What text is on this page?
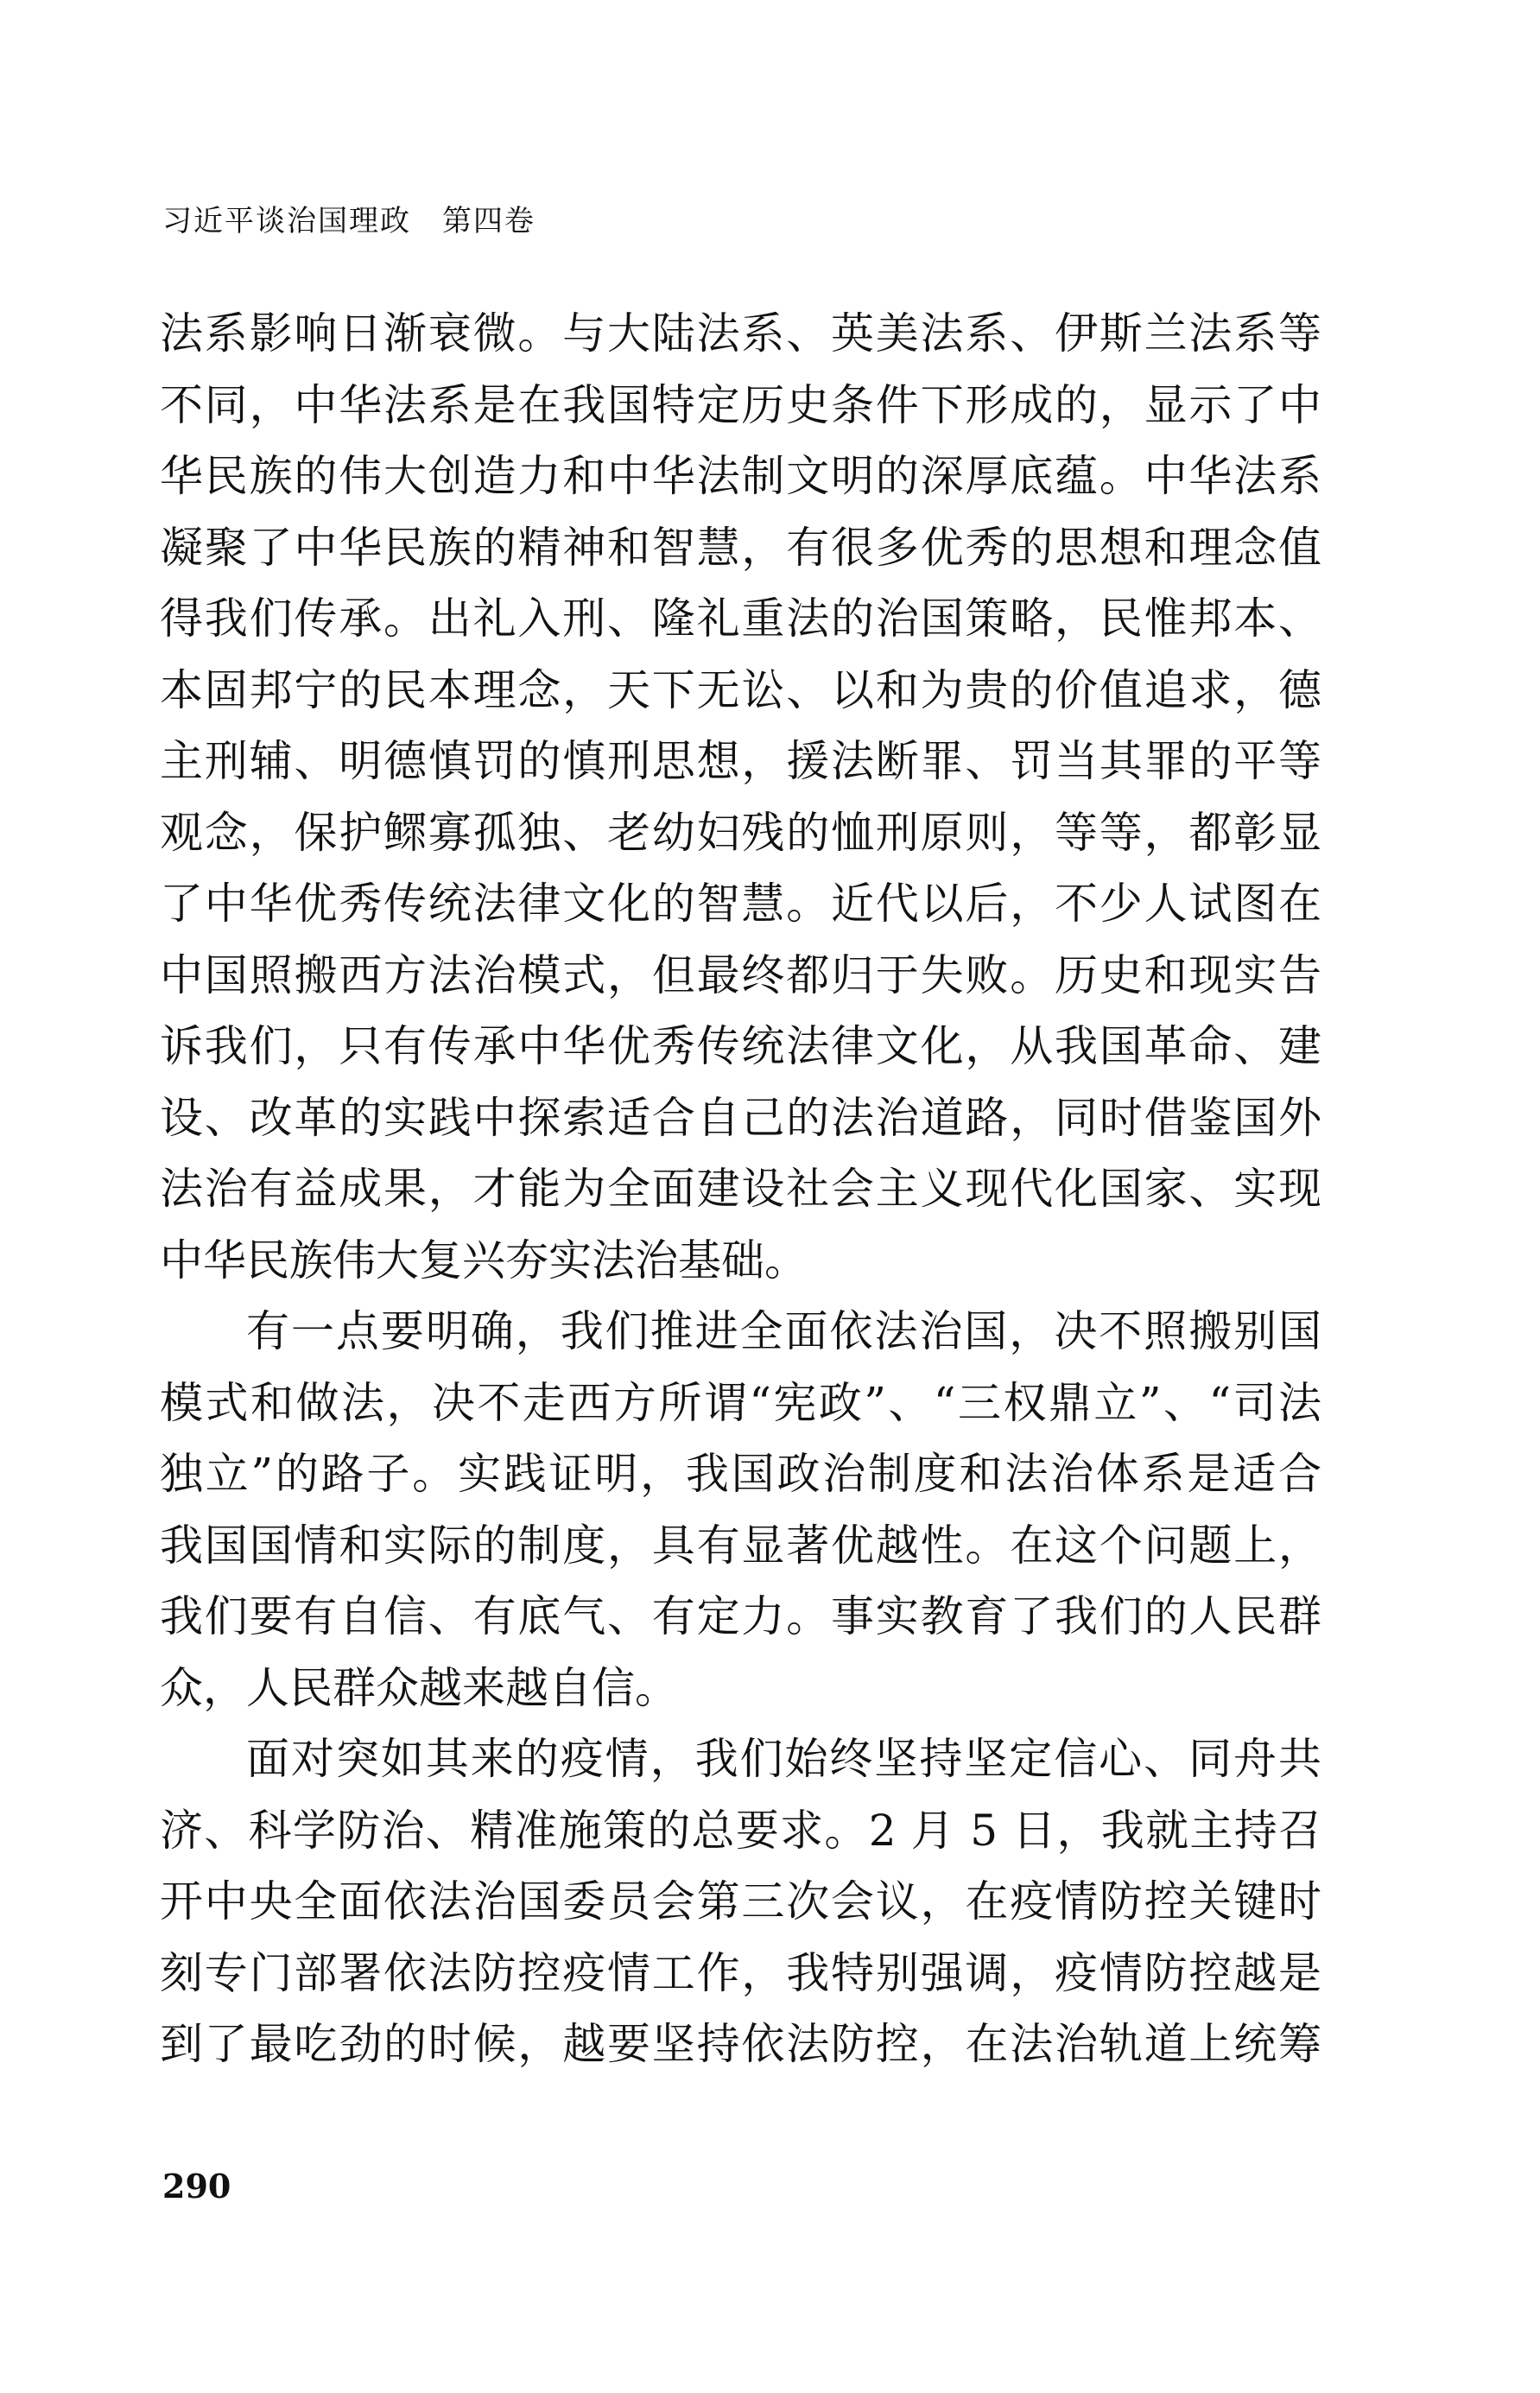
习近平谈治国理政　第四卷
法系影响日渐衰微。与大陆法系、英美法系、伊斯兰法系等
不同，中华法系是在我国特定历史条件下形成的，显示了中
华民族的伟大创造力和中华法制文明的深厚底蕴。中华法系
凝聚了中华民族的精神和智慧，有很多优秀的思想和理念值
得我们传承。出礼入刑、隆礼重法的治国策略，民惟邦本、
本固邦宁的民本理念，天下无讼、以和为贵的价值追求，德
主刑辅、明德慎罚的慎刑思想，援法断罪、罚当其罪的平等
观念，保护鳏寡孤独、老幼妇残的恤刑原则，等等，都彰显
了中华优秀传统法律文化的智慧。近代以后，不少人试图在
中国照搬西方法治模式，但最终都归于失败。历史和现实告
诉我们，只有传承中华优秀传统法律文化，从我国革命、建
设、改革的实践中探索适合自己的法治道路，同时借鉴国外
法治有益成果，才能为全面建设社会主义现代化国家、实现
中华民族伟大复兴夯实法治基础。
有一点要明确，我们推进全面依法治国，决不照搬别国
模式和做法，决不走西方所谓“宪政”、“三权鼎立”、“司法
独立”的路子。实践证明，我国政治制度和法治体系是适合
我国国情和实际的制度，具有显著优越性。在这个问题上，
我们要有自信、有底气、有定力。事实教育了我们的人民群
众，人民群众越来越自信。
面对突如其来的疫情，我们始终坚持坚定信心、同舟共
济、科学防治、精准施策的总要求。2 月 5 日，我就主持召
开中央全面依法治国委员会第三次会议，在疫情防控关键时
刻专门部署依法防控疫情工作，我特别强调，疫情防控越是
到了最吃劲的时候，越要坚持依法防控，在法治轨道上统筹
290
